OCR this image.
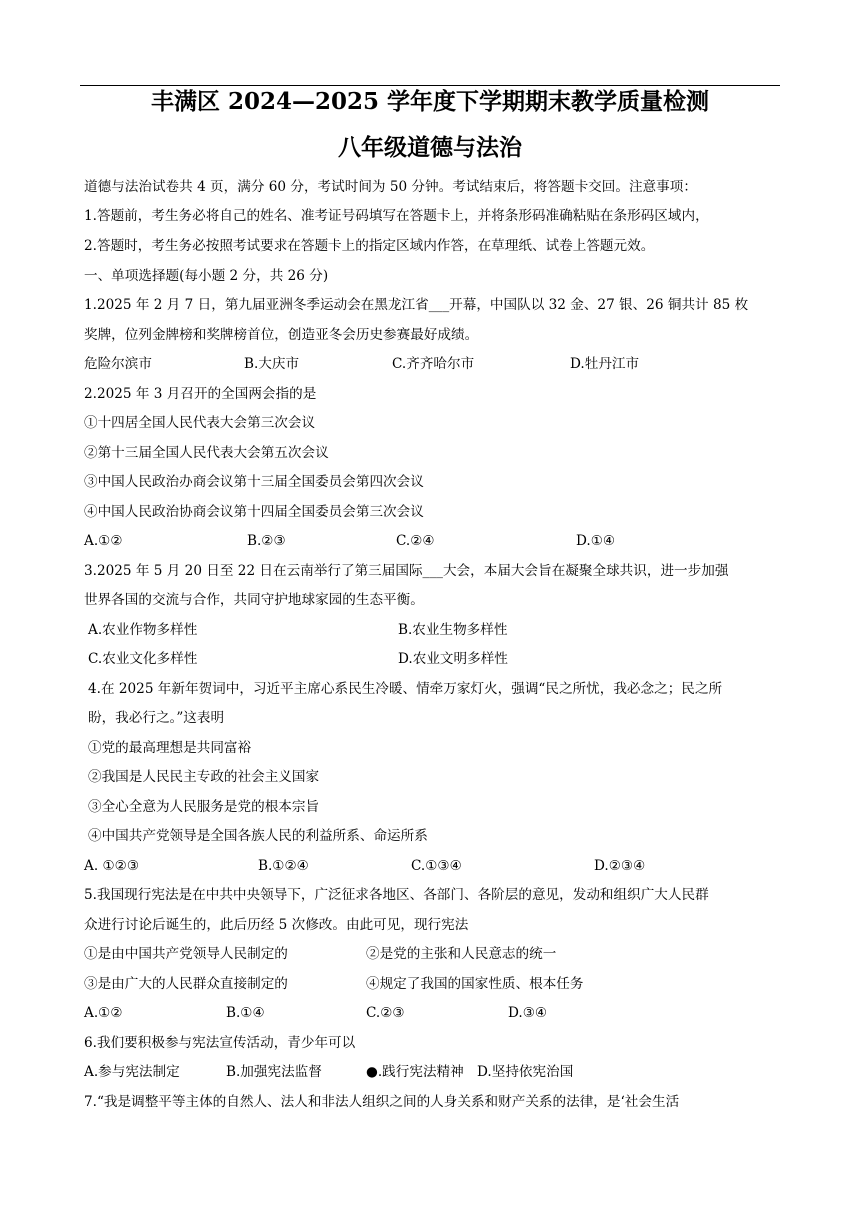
丰满区 2024—2025 学年度下学期期末教学质量检测
八年级道德与法治
道德与法治试卷共 4 页，满分 60 分，考试时间为 50 分钟。考试结束后，将答题卡交回。注意事项：
1.答题前，考生务必将自己的姓名、准考证号码填写在答题卡上，并将条形码准确粘贴在条形码区域内，
2.答题时，考生务必按照考试要求在答题卡上的指定区域内作答，在草理纸、试卷上答题元效。
一、单项选择题(每小题 2 分，共 26 分)
1.2025 年 2 月 7 日，第九届亚洲冬季运动会在黑龙江省___开幕，中国队以 32 金、27 银、26 铜共计 85 枚
奖牌，位列金牌榜和奖牌榜首位，创造亚冬会历史参赛最好成绩。
危险尔滨市	B.大庆市	C.齐齐哈尔市	D.牡丹江市
2.2025 年 3 月召开的全国两会指的是
①十四居全国人民代表大会第三次会议
②第十三届全国人民代表大会第五次会议
③中国人民政治办商会议第十三届全国委员会第四次会议
④中国人民政治协商会议第十四届全国委员会第三次会议
A.①②	B.②③	C.②④	D.①④
3.2025 年 5 月 20 日至 22 日在云南举行了第三届国际___大会，本届大会旨在凝聚全球共识，进一步加强
世界各国的交流与合作，共同守护地球家园的生态平衡。
A.农业作物多样性	B.农业生物多样性
C.农业文化多样性	D.农业文明多样性
4.在 2025 年新年贺词中，习近平主席心系民生冷暖、情牵万家灯火，强调“民之所忧，我必念之；民之所
盼，我必行之。”这表明
①党的最高理想是共同富裕
②我国是人民民主专政的社会主义国家
③全心全意为人民服务是党的根本宗旨
④中国共产党领导是全国各族人民的利益所系、命运所系
A. ①②③	B.①②④	C.①③④	D.②③④
5.我国现行宪法是在中共中央领导下，广泛征求各地区、各部门、各阶层的意见，发动和组织广大人民群
众进行讨论后诞生的，此后历经 5 次修改。由此可见，现行宪法
①是由中国共产党领导人民制定的	②是党的主张和人民意志的统一
③是由广大的人民群众直接制定的	④规定了我国的国家性质、根本任务
A.①②	B.①④	C.②③	D.③④
6.我们要积极参与宪法宣传活动，青少年可以
A.参与宪法制定	B.加强宪法监督	●.践行宪法精神 D.坚持依宪治国
7.“我是调整平等主体的自然人、法人和非法人组织之间的人身关系和财产关系的法律，是‘社会生活
